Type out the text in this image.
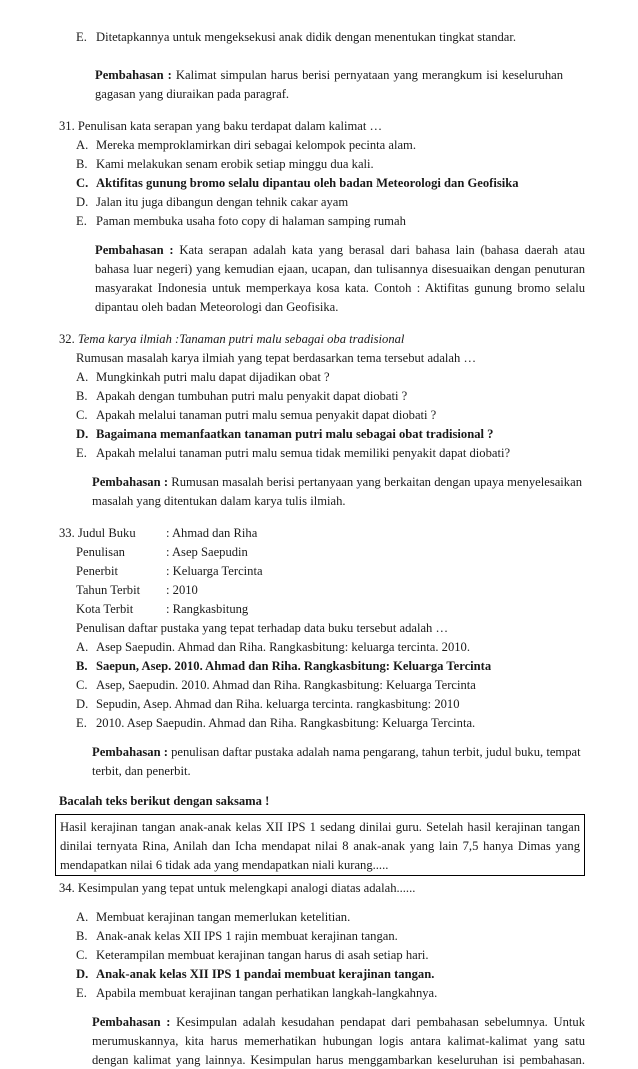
E. Ditetapkannya untuk mengeksekusi anak didik dengan menentukan tingkat standar.
Pembahasan : Kalimat simpulan harus berisi pernyataan yang merangkum isi keseluruhan
gagasan yang diuraikan pada paragraf.
31. Penulisan kata serapan yang baku terdapat dalam kalimat …
A. Mereka memproklamirkan diri sebagai kelompok pecinta alam.
B. Kami melakukan senam erobik setiap minggu dua kali.
C. Aktifitas gunung bromo selalu dipantau oleh badan Meteorologi dan Geofisika
D. Jalan itu juga dibangun dengan tehnik cakar ayam
E. Paman membuka usaha foto copy di halaman samping rumah
Pembahasan : Kata serapan adalah kata yang berasal dari bahasa lain (bahasa daerah atau
bahasa luar negeri) yang kemudian ejaan, ucapan, dan tulisannya disesuaikan dengan penuturan
masyarakat Indonesia untuk memperkaya kosa kata. Contoh : Aktifitas gunung bromo selalu
dipantau oleh badan Meteorologi dan Geofisika.
32. Tema karya ilmiah :Tanaman putri malu sebagai oba tradisional
Rumusan masalah karya ilmiah yang tepat berdasarkan tema tersebut adalah …
A. Mungkinkah putri malu dapat dijadikan obat ?
B. Apakah dengan tumbuhan putri malu penyakit dapat diobati ?
C. Apakah melalui tanaman putri malu semua penyakit dapat diobati ?
D. Bagaimana memanfaatkan tanaman putri malu sebagai obat tradisional ?
E. Apakah melalui tanaman putri malu semua tidak memiliki penyakit dapat diobati?
Pembahasan : Rumusan masalah berisi pertanyaan yang berkaitan dengan upaya menyelesaikan
masalah yang ditentukan dalam karya tulis ilmiah.
33. Judul Buku : Ahmad dan Riha
Penulisan	: Asep Saepudin
Penerbit	: Keluarga Tercinta
Tahun Terbit : 2010
Kota Terbit	: Rangkasbitung
Penulisan daftar pustaka yang tepat terhadap data buku tersebut adalah …
A. Asep Saepudin. Ahmad dan Riha. Rangkasbitung: keluarga tercinta. 2010.
B. Saepun, Asep. 2010. Ahmad dan Riha. Rangkasbitung: Keluarga Tercinta
C. Asep, Saepudin. 2010. Ahmad dan Riha. Rangkasbitung: Keluarga Tercinta
D. Sepudin, Asep. Ahmad dan Riha. keluarga tercinta. rangkasbitung: 2010
E. 2010. Asep Saepudin. Ahmad dan Riha. Rangkasbitung: Keluarga Tercinta.
Pembahasan : penulisan daftar pustaka adalah nama pengarang, tahun terbit, judul buku, tempat
terbit, dan penerbit.
Bacalah teks berikut dengan saksama !
Hasil kerajinan tangan anak-anak kelas XII IPS 1 sedang dinilai guru. Setelah hasil kerajinan tangan
dinilai ternyata Rina, Anilah dan Icha mendapat nilai 8 anak-anak yang lain 7,5 hanya Dimas yang
mendapatkan nilai 6 tidak ada yang mendapatkan niali kurang.....
34. Kesimpulan yang tepat untuk melengkapi analogi diatas adalah......
A. Membuat kerajinan tangan memerlukan ketelitian.
B. Anak-anak kelas XII IPS 1 rajin membuat kerajinan tangan.
C. Keterampilan membuat kerajinan tangan harus di asah setiap hari.
D. Anak-anak kelas XII IPS 1 pandai membuat kerajinan tangan.
E. Apabila membuat kerajinan tangan perhatikan langkah-langkahnya.
Pembahasan : Kesimpulan adalah kesudahan pendapat dari pembahasan sebelumnya. Untuk
merumuskannya, kita harus memerhatikan hubungan logis antara kalimat-kalimat yang satu
dengan kalimat yang lainnya. Kesimpulan harus menggambarkan keseluruhan isi pembahasan.
